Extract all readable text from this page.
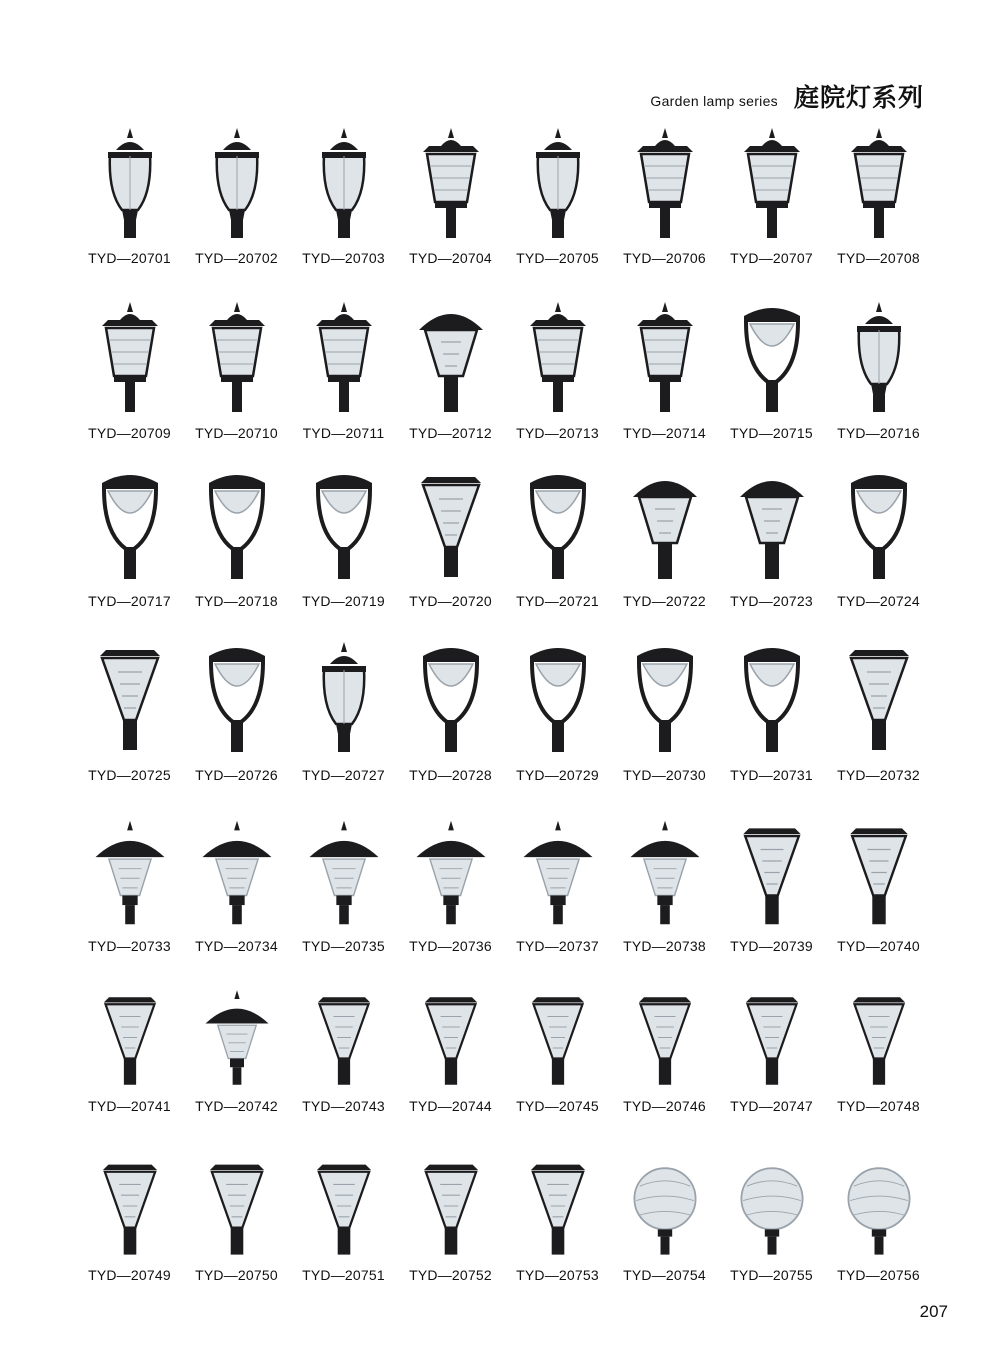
Garden lamp series 庭院灯系列
TYD—20701	TYD—20702	TYD—20703	TYD—20704	TYD—20705	TYD—20706	TYD—20707	TYD—20708
TYD—20709	TYD—20710	TYD—20711	TYD—20712	TYD—20713	TYD—20714	TYD—20715	TYD—20716
TYD—20717	TYD—20718	TYD—20719	TYD—20720	TYD—20721	TYD—20722	TYD—20723	TYD—20724
TYD—20725	TYD—20726	TYD—20727	TYD—20728	TYD—20729	TYD—20730	TYD—20731	TYD—20732
TYD—20733	TYD—20734	TYD—20735	TYD—20736	TYD—20737	TYD—20738	TYD—20739	TYD—20740
TYD—20741	TYD—20742	TYD—20743	TYD—20744	TYD—20745	TYD—20746	TYD—20747	TYD—20748
TYD—20749	TYD—20750	TYD—20751	TYD—20752	TYD—20753	TYD—20754	TYD—20755	TYD—20756
207
